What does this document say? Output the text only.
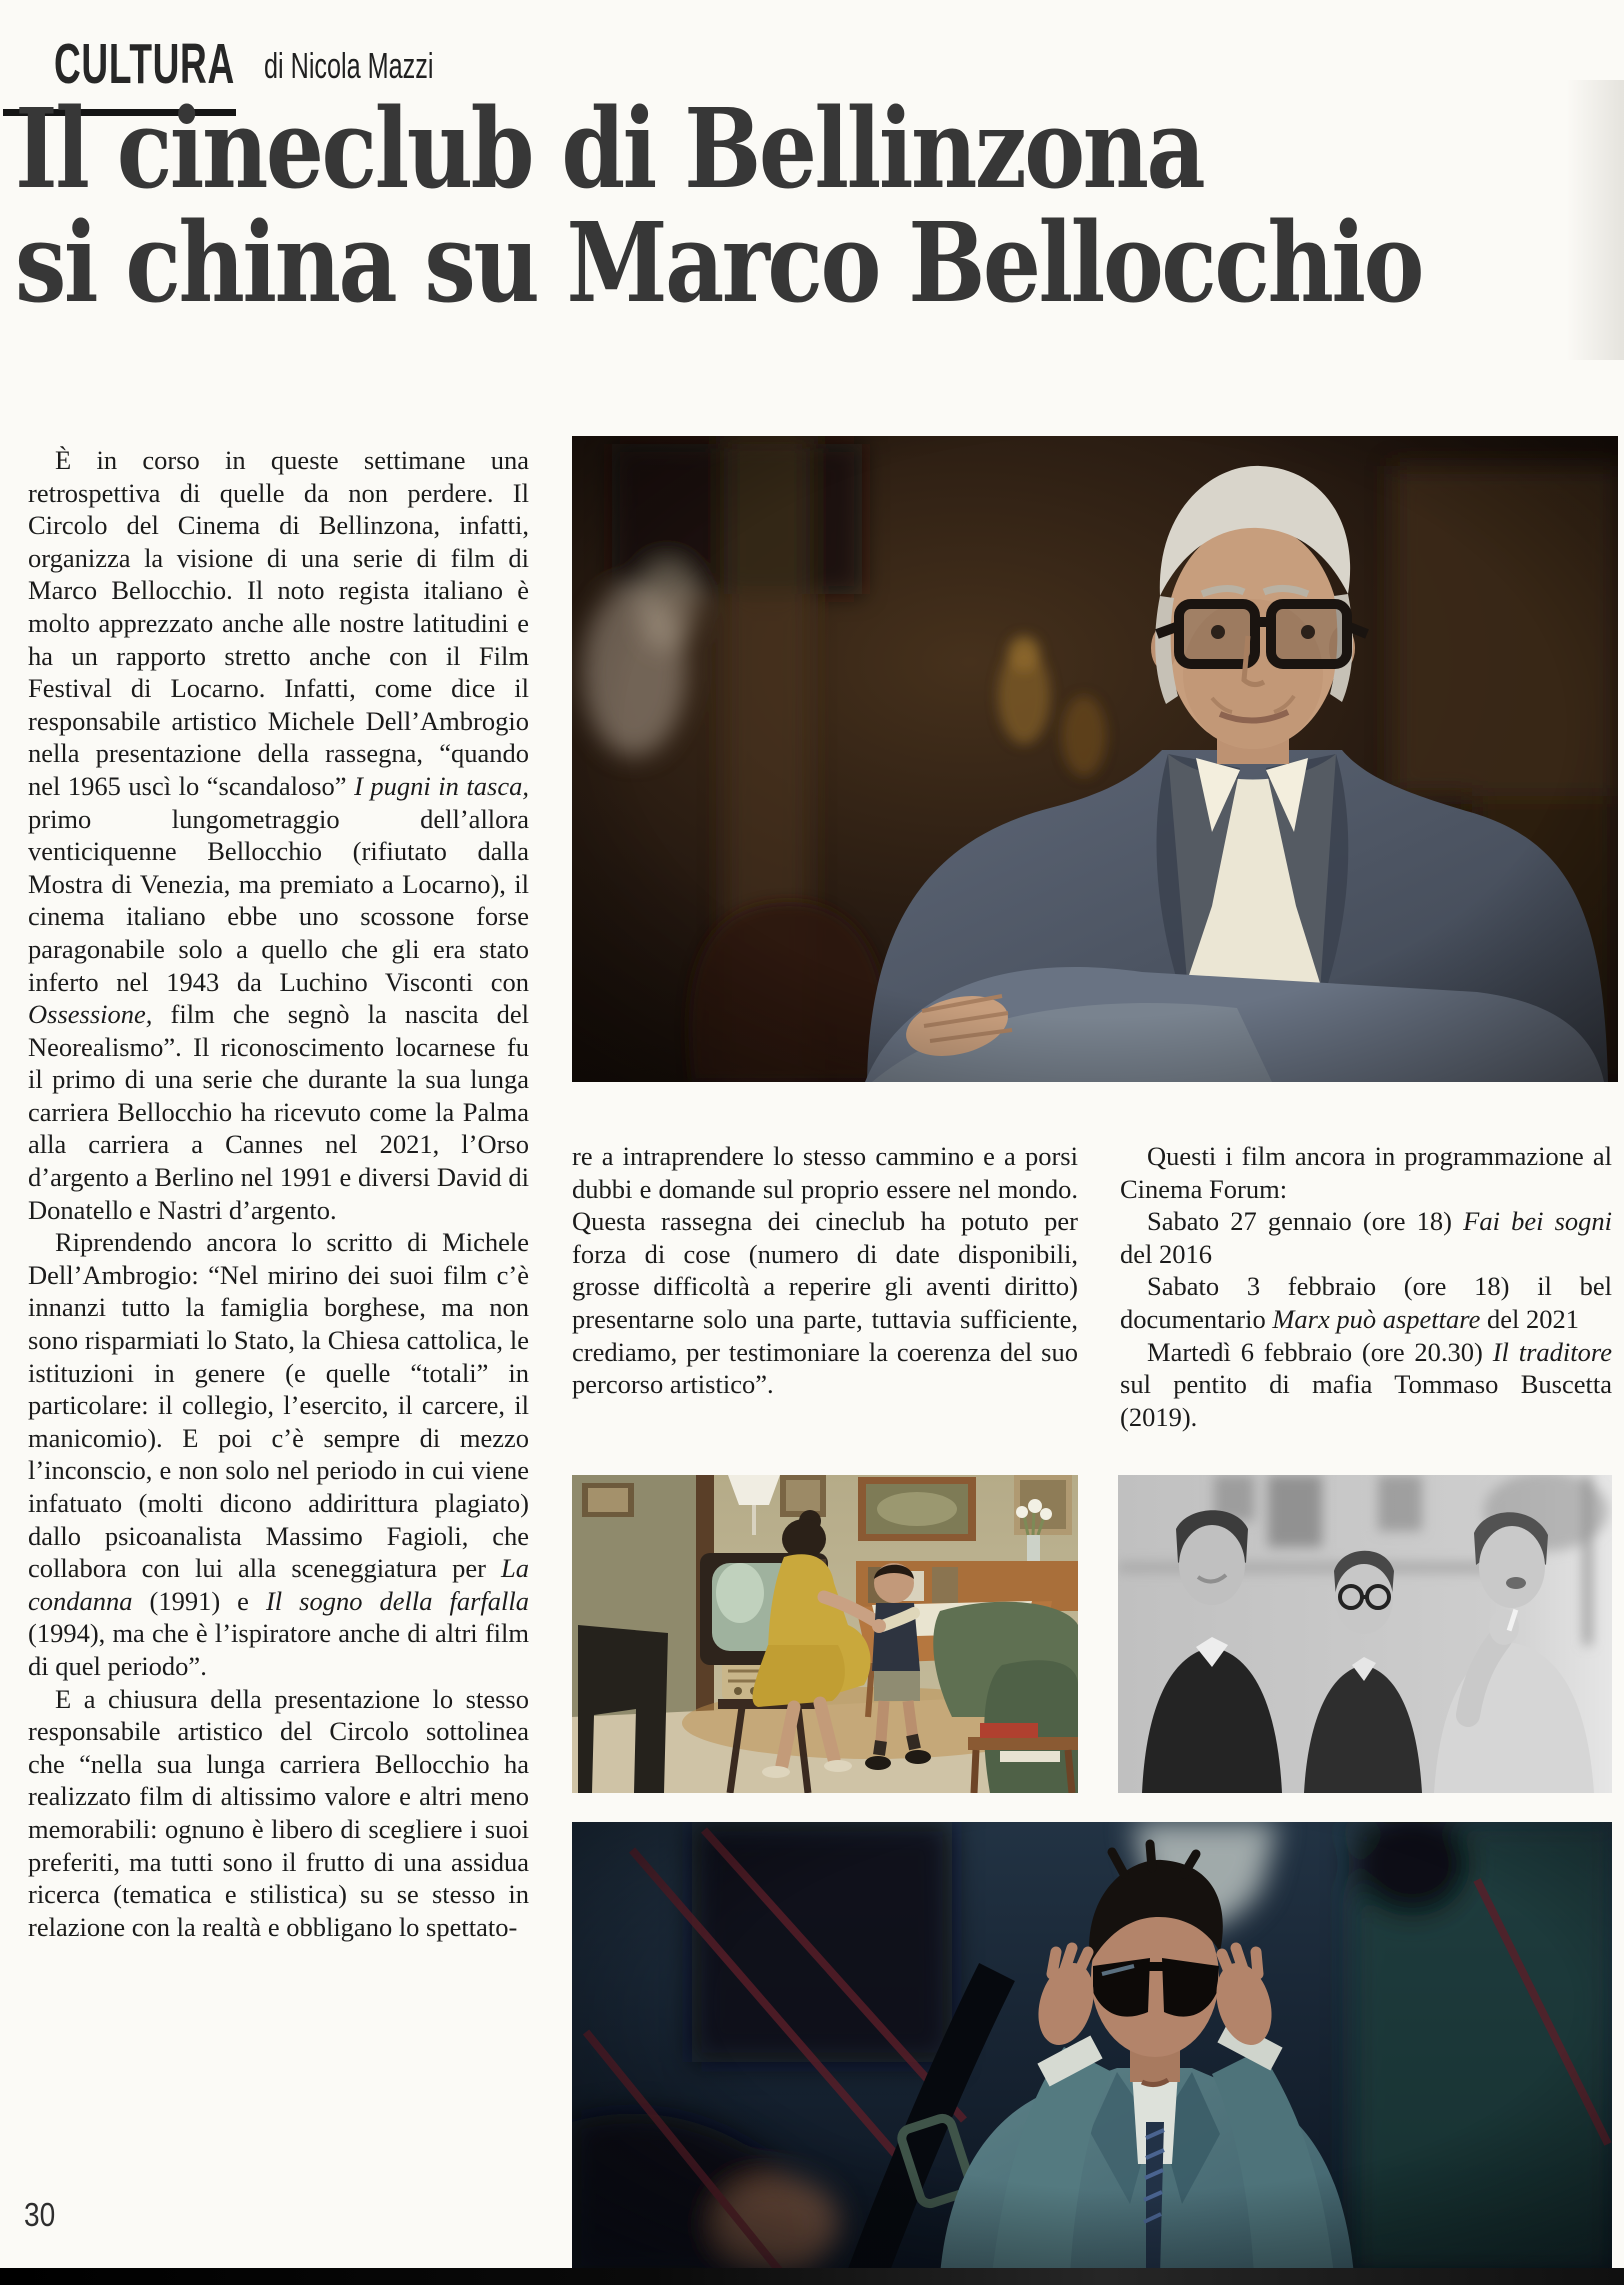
CULTURA di Nicola Mazzi
Il cineclub di Bellinzona
si china su Marco Bellocchio

È in corso in queste settimane una retrospettiva di quelle da non perdere. Il Circolo del Cinema di Bellinzona, infatti, organizza la visione di una serie di film di Marco Bellocchio. Il noto regista italiano è molto apprezzato anche alle nostre latitudini e ha un rapporto stretto anche con il Film Festival di Locarno. Infatti, come dice il responsabile artistico Michele Dell’Ambrogio nella presentazione della rassegna, “quando nel 1965 uscì lo “scandaloso” I pugni in tasca, primo lungometraggio dell’allora venticiquenne Bellocchio (rifiutato dalla Mostra di Venezia, ma premiato a Locarno), il cinema italiano ebbe uno scossone forse paragonabile solo a quello che gli era stato inferto nel 1943 da Luchino Visconti con Ossessione, film che segnò la nascita del Neorealismo”. Il riconoscimento locarnese fu il primo di una serie che durante la sua lunga carriera Bellocchio ha ricevuto come la Palma alla carriera a Cannes nel 2021, l’Orso d’argento a Berlino nel 1991 e diversi David di Donatello e Nastri d’argento.

Riprendendo ancora lo scritto di Michele Dell’Ambrogio: “Nel mirino dei suoi film c’è innanzi tutto la famiglia borghese, ma non sono risparmiati lo Stato, la Chiesa cattolica, le istituzioni in genere (e quelle “totali” in particolare: il collegio, l’esercito, il carcere, il manicomio). E poi c’è sempre di mezzo l’inconscio, e non solo nel periodo in cui viene infatuato (molti dicono addirittura plagiato) dallo psicoanalista Massimo Fagioli, che collabora con lui alla sceneggiatura per La condanna (1991) e Il sogno della farfalla (1994), ma che è l’ispiratore anche di altri film di quel periodo”.

E a chiusura della presentazione lo stesso responsabile artistico del Circolo sottolinea che “nella sua lunga carriera Bellocchio ha realizzato film di altissimo valore e altri meno memorabili: ognuno è libero di scegliere i suoi preferiti, ma tutti sono il frutto di una assidua ricerca (tematica e stilistica) su se stesso in relazione con la realtà e obbligano lo spettato-

re a intraprendere lo stesso cammino e a porsi dubbi e domande sul proprio essere nel mondo. Questa rassegna dei cineclub ha potuto per forza di cose (numero di date disponibili, grosse difficoltà a reperire gli aventi diritto) presentarne solo una parte, tuttavia sufficiente, crediamo, per testimoniare la coerenza del suo percorso artistico”.

Questi i film ancora in programmazione al Cinema Forum:

Sabato 27 gennaio (ore 18) Fai bei sogni del 2016

Sabato 3 febbraio (ore 18) il bel documentario Marx può aspettare del 2021

Martedì 6 febbraio (ore 20.30) Il traditore sul pentito di mafia Tommaso Buscetta (2019).

30
